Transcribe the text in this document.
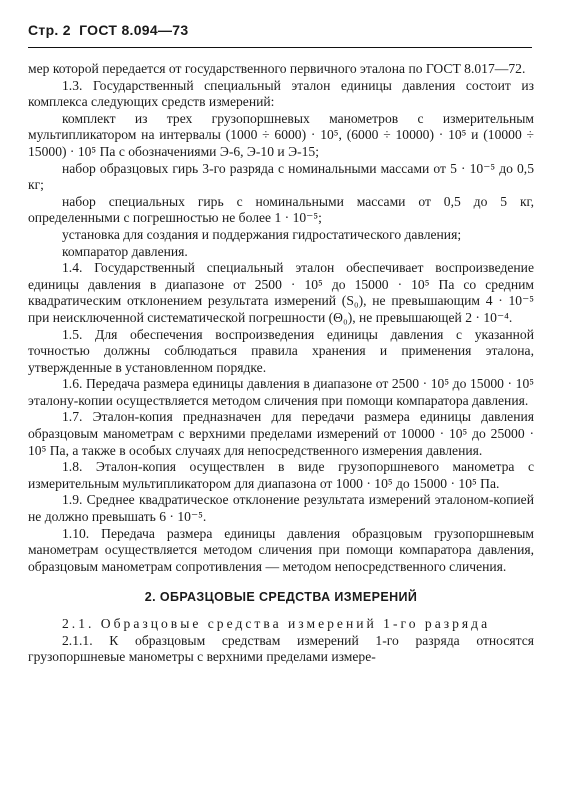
Стр. 2 ГОСТ 8.094—73

мер которой передается от государственного первичного эталона по ГОСТ 8.017—72.

1.3. Государственный специальный эталон единицы давления состоит из комплекса следующих средств измерений:

комплект из трех грузопоршневых манометров с измерительным мультипликатором на интервалы (1000 ÷ 6000) · 10⁵, (6000 ÷ 10000) · 10⁵ и (10000 ÷ 15000) · 10⁵ Па с обозначениями Э-6, Э-10 и Э-15;

набор образцовых гирь 3-го разряда с номинальными массами от 5 · 10⁻⁵ до 0,5 кг;

набор специальных гирь с номинальными массами от 0,5 до 5 кг, определенными с погрешностью не более 1 · 10⁻⁵;

установка для создания и поддержания гидростатического давления;

компаратор давления.

1.4. Государственный специальный эталон обеспечивает воспроизведение единицы давления в диапазоне от 2500 · 10⁵ до 15000 · 10⁵ Па со средним квадратическим отклонением результата измерений (S₀), не превышающим 4 · 10⁻⁵ при неисключенной систематической погрешности (Θ₀), не превышающей 2 · 10⁻⁴.

1.5. Для обеспечения воспроизведения единицы давления с указанной точностью должны соблюдаться правила хранения и применения эталона, утвержденные в установленном порядке.

1.6. Передача размера единицы давления в диапазоне от 2500 · 10⁵ до 15000 · 10⁵ эталону-копии осуществляется методом сличения при помощи компаратора давления.

1.7. Эталон-копия предназначен для передачи размера единицы давления образцовым манометрам с верхними пределами измерений от 10000 · 10⁵ до 25000 · 10⁵ Па, а также в особых случаях для непосредственного измерения давления.

1.8. Эталон-копия осуществлен в виде грузопоршневого манометра с измерительным мультипликатором для диапазона от 1000 · 10⁵ до 15000 · 10⁵ Па.

1.9. Среднее квадратическое отклонение результата измерений эталоном-копией не должно превышать 6 · 10⁻⁵.

1.10. Передача размера единицы давления образцовым грузопоршневым манометрам осуществляется методом сличения при помощи компаратора давления, образцовым манометрам сопротивления — методом непосредственного сличения.

2. ОБРАЗЦОВЫЕ СРЕДСТВА ИЗМЕРЕНИЙ

2.1. Образцовые средства измерений 1-го разряда

2.1.1. К образцовым средствам измерений 1-го разряда относятся грузопоршневые манометры с верхними пределами измере-
